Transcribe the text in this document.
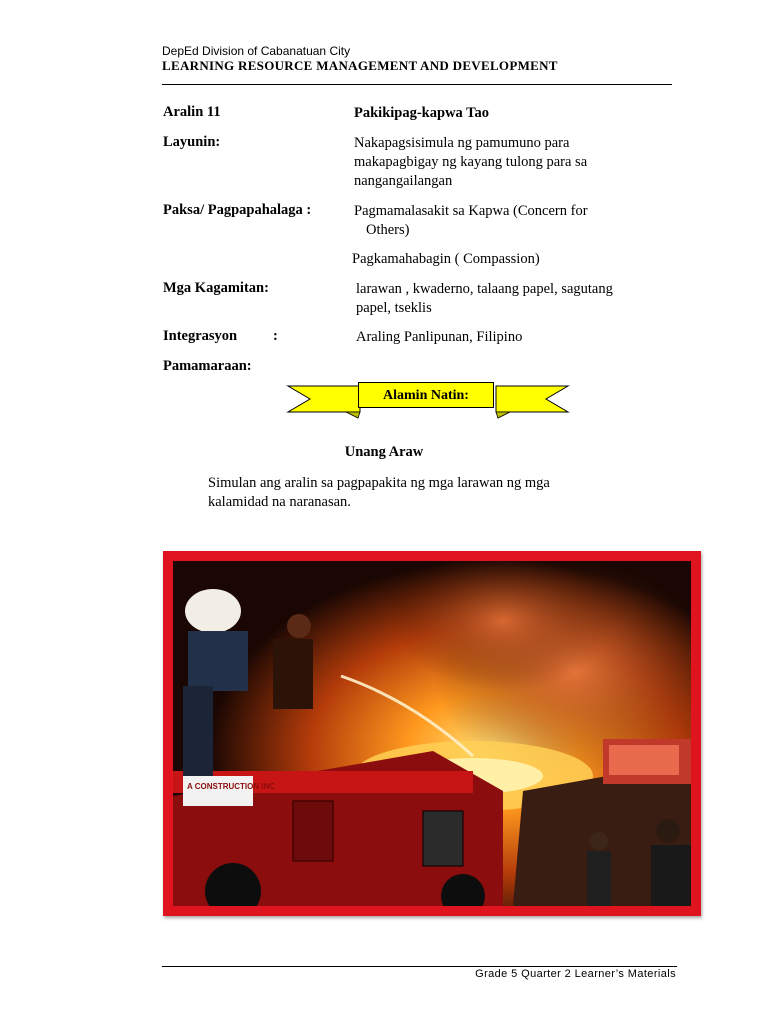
DepEd Division of Cabanatuan City
LEARNING RESOURCE MANAGEMENT AND DEVELOPMENT
Aralin 11	Pakikipag-kapwa Tao
Layunin:	Nakapagsisimula ng pamumuno para
makapagbigay ng kayang tulong para sa
nangangailangan
Paksa/ Pagpapahalaga :	Pagmamalasakit sa Kapwa (Concern for
Others)
Pagkamahabagin ( Compassion)
Mga Kagamitan:	larawan , kwaderno, talaang papel, sagutang
papel, tseklis
Integrasyon :	Araling Panlipunan, Filipino
Pamamaraan:
Alamin Natin:
Unang Araw
Simulan ang aralin sa pagpapakita ng mga larawan ng mga
kalamidad na naranasan.
A CONSTRUCTION INC
Grade 5 Quarter 2 Learner’s Materials
